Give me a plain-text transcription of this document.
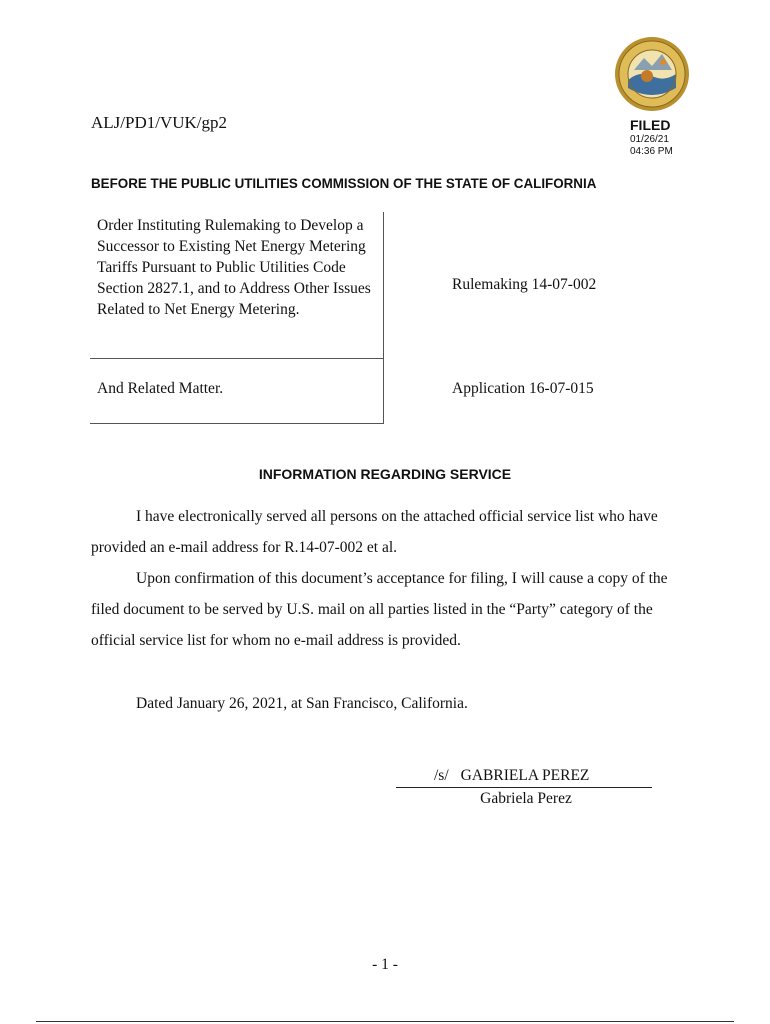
ALJ/PD1/VUK/gp2	FILED
01/26/21
04:36 PM
BEFORE THE PUBLIC UTILITIES COMMISSION OF THE STATE OF CALIFORNIA
Order Instituting Rulemaking to Develop a Successor to Existing Net Energy Metering Tariffs Pursuant to Public Utilities Code Section 2827.1, and to Address Other Issues Related to Net Energy Metering.
Rulemaking 14-07-002
And Related Matter.	Application 16-07-015
INFORMATION REGARDING SERVICE
I have electronically served all persons on the attached official service list who have provided an e-mail address for R.14-07-002 et al.
Upon confirmation of this document’s acceptance for filing, I will cause a copy of the filed document to be served by U.S. mail on all parties listed in the “Party” category of the official service list for whom no e-mail address is provided.
Dated January 26, 2021, at San Francisco, California.
/s/ GABRIELA PEREZ
Gabriela Perez
- 1 -
